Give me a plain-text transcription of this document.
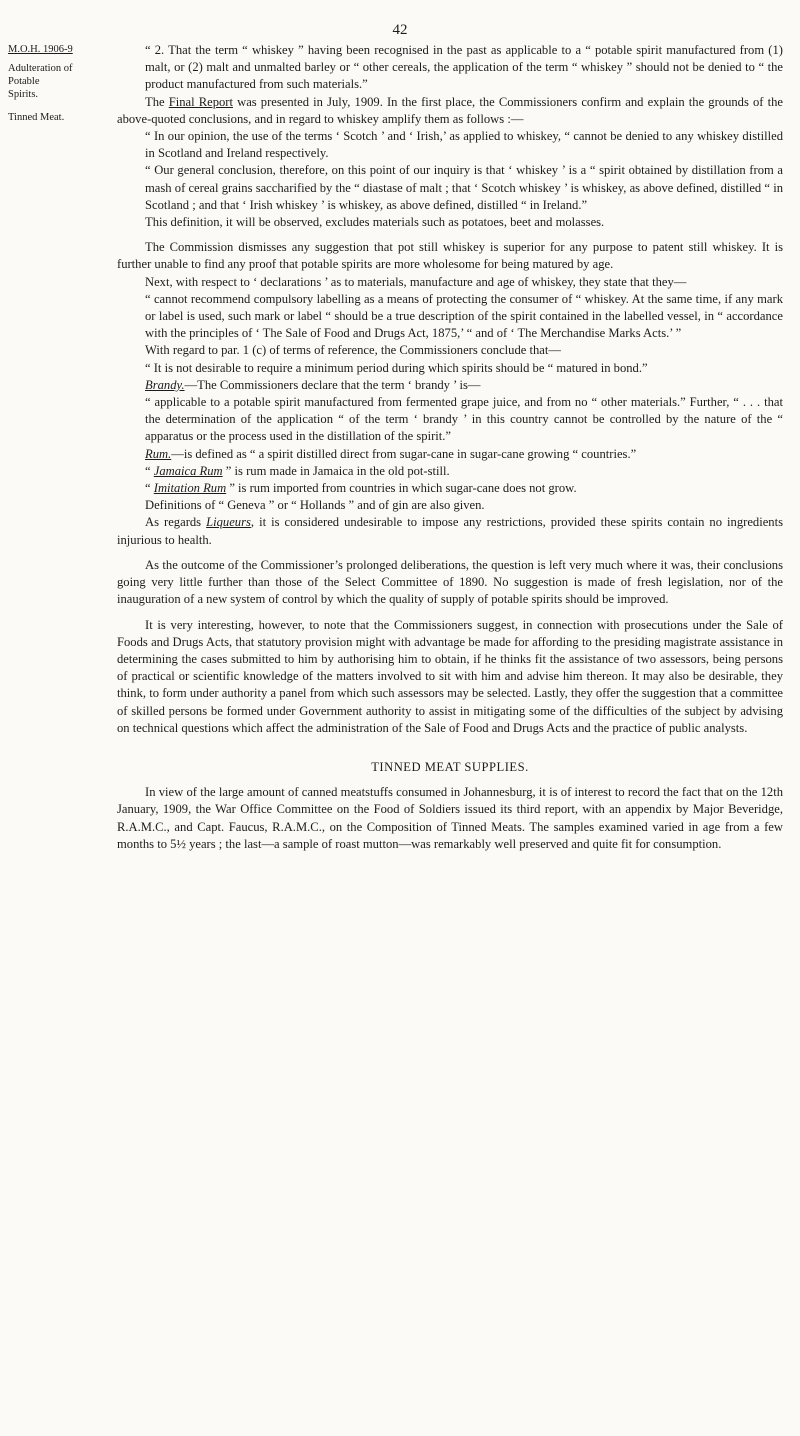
42
M.O.H. 1906-9
Adulteration of
Potable
Spirits.
Tinned Meat.

“ 2. That the term “ whiskey ” having been recognised in the past as applicable to a “ potable spirit manufactured from (1) malt, or (2) malt and unmalted barley or “ other cereals, the application of the term “ whiskey ” should not be denied to “ the product manufactured from such materials.”

The Final Report was presented in July, 1909. In the first place, the Commissioners confirm and explain the grounds of the above-quoted conclusions, and in regard to whiskey amplify them as follows :—

“ In our opinion, the use of the terms ‘ Scotch ’ and ‘ Irish,’ as applied to whiskey, “ cannot be denied to any whiskey distilled in Scotland and Ireland respectively.

“ Our general conclusion, therefore, on this point of our inquiry is that ‘ whiskey ’ is a “ spirit obtained by distillation from a mash of cereal grains saccharified by the “ diastase of malt ; that ‘ Scotch whiskey ’ is whiskey, as above defined, distilled “ in Scotland ; and that ‘ Irish whiskey ’ is whiskey, as above defined, distilled “ in Ireland.”

This definition, it will be observed, excludes materials such as potatoes, beet and molasses.

The Commission dismisses any suggestion that pot still whiskey is superior for any purpose to patent still whiskey. It is further unable to find any proof that potable spirits are more wholesome for being matured by age.

Next, with respect to ‘ declarations ’ as to materials, manufacture and age of whiskey, they state that they—

“ cannot recommend compulsory labelling as a means of protecting the consumer of “ whiskey. At the same time, if any mark or label is used, such mark or label “ should be a true description of the spirit contained in the labelled vessel, in “ accordance with the principles of ‘ The Sale of Food and Drugs Act, 1875,’ “ and of ‘ The Merchandise Marks Acts.’ ”

With regard to par. 1 (c) of terms of reference, the Commissioners conclude that—

“ It is not desirable to require a minimum period during which spirits should be “ matured in bond.”

Brandy.—The Commissioners declare that the term ‘ brandy ’ is—

“ applicable to a potable spirit manufactured from fermented grape juice, and from no “ other materials.” Further, “ . . . that the determination of the application “ of the term ‘ brandy ’ in this country cannot be controlled by the nature of the “ apparatus or the process used in the distillation of the spirit.”

Rum.—is defined as “ a spirit distilled direct from sugar-cane in sugar-cane growing “ countries.”

“ Jamaica Rum ” is rum made in Jamaica in the old pot-still.

“ Imitation Rum ” is rum imported from countries in which sugar-cane does not grow.

Definitions of “ Geneva ” or “ Hollands ” and of gin are also given.

As regards Liqueurs, it is considered undesirable to impose any restrictions, provided these spirits contain no ingredients injurious to health.

As the outcome of the Commissioner’s prolonged deliberations, the question is left very much where it was, their conclusions going very little further than those of the Select Committee of 1890. No suggestion is made of fresh legislation, nor of the inauguration of a new system of control by which the quality of supply of potable spirits should be improved.

It is very interesting, however, to note that the Commissioners suggest, in connection with prosecutions under the Sale of Foods and Drugs Acts, that statutory provision might with advantage be made for affording to the presiding magistrate assistance in determining the cases submitted to him by authorising him to obtain, if he thinks fit the assistance of two assessors, being persons of practical or scientific knowledge of the matters involved to sit with him and advise him thereon. It may also be desirable, they think, to form under authority a panel from which such assessors may be selected. Lastly, they offer the suggestion that a committee of skilled persons be formed under Government authority to assist in mitigating some of the difficulties of the subject by advising on technical questions which affect the administration of the Sale of Food and Drugs Acts and the practice of public analysts.

TINNED MEAT SUPPLIES.

In view of the large amount of canned meatstuffs consumed in Johannesburg, it is of interest to record the fact that on the 12th January, 1909, the War Office Committee on the Food of Soldiers issued its third report, with an appendix by Major Beveridge, R.A.M.C., and Capt. Faucus, R.A.M.C., on the Composition of Tinned Meats. The samples examined varied in age from a few months to 5½ years ; the last—a sample of roast mutton—was remarkably well preserved and quite fit for consumption.
